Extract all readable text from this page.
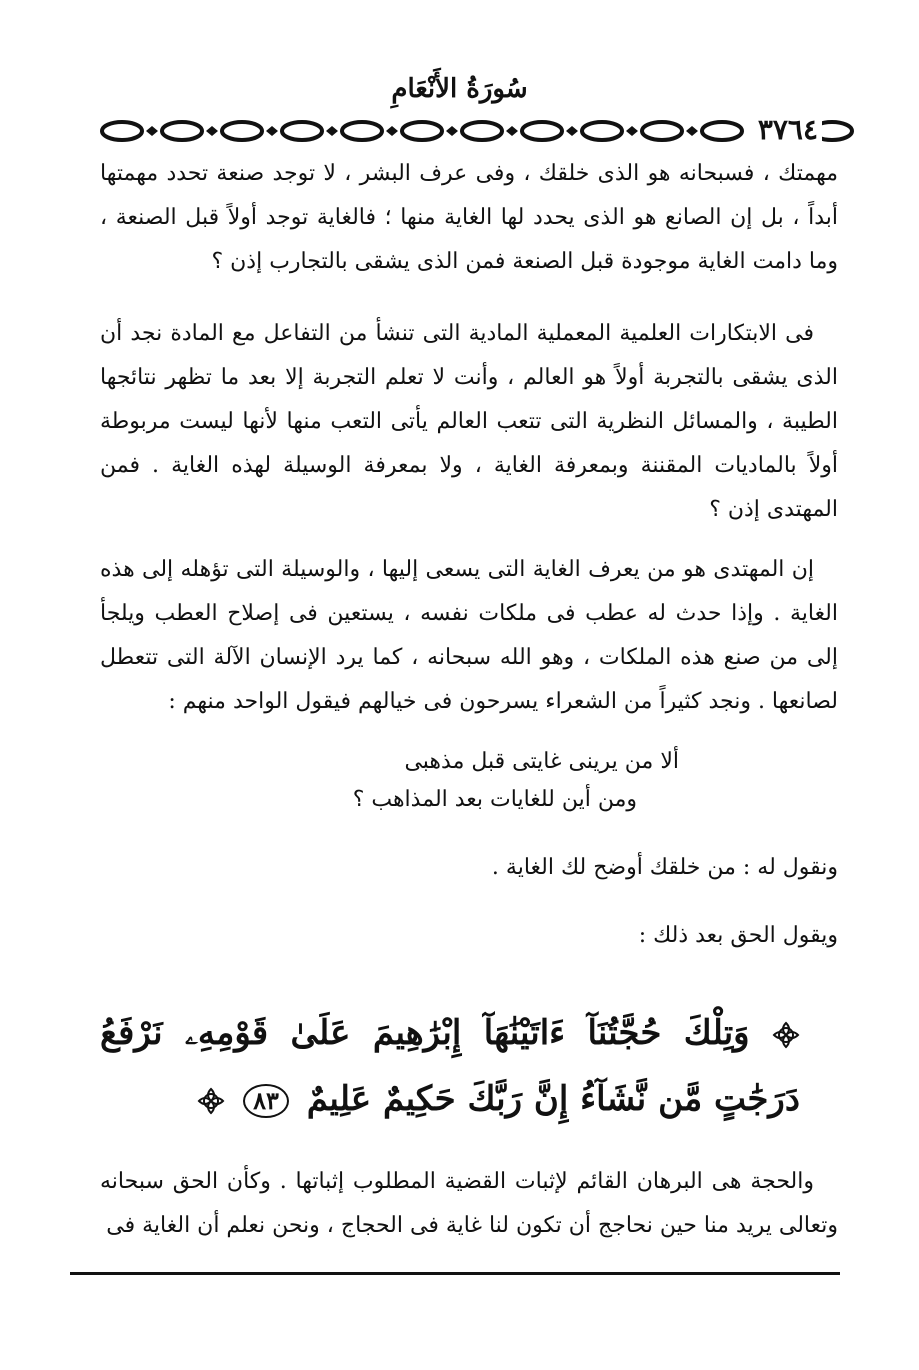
سُورَةُ الأَنْعَامِ
٣٧٦٤

مهمتك ، فسبحانه هو الذى خلقك ، وفى عرف البشر ، لا توجد صنعة تحدد مهمتها أبداً ، بل إن الصانع هو الذى يحدد لها الغاية منها ؛ فالغاية توجد أولاً قبل الصنعة ، وما دامت الغاية موجودة قبل الصنعة فمن الذى يشقى بالتجارب إذن ؟

فى الابتكارات العلمية المعملية المادية التى تنشأ من التفاعل مع المادة نجد أن الذى يشقى بالتجربة أولاً هو العالم ، وأنت لا تعلم التجربة إلا بعد ما تظهر نتائجها الطيبة ، والمسائل النظرية التى تتعب العالم يأتى التعب منها لأنها ليست مربوطة أولاً بالماديات المقننة وبمعرفة الغاية ، ولا بمعرفة الوسيلة لهذه الغاية . فمن المهتدى إذن ؟

إن المهتدى هو من يعرف الغاية التى يسعى إليها ، والوسيلة التى تؤهله إلى هذه الغاية . وإذا حدث له عطب فى ملكات نفسه ، يستعين فى إصلاح العطب ويلجأ إلى من صنع هذه الملكات ، وهو الله سبحانه ، كما يرد الإنسان الآلة التى تتعطل لصانعها . ونجد كثيراً من الشعراء يسرحون فى خيالهم فيقول الواحد منهم :

ألا من يرينى غايتى قبل مذهبى
ومن أين للغايات بعد المذاهب ؟

ونقول له : من خلقك أوضح لك الغاية .

ويقول الحق بعد ذلك :

وَتِلْكَ حُجَّتُنَآ ءَاتَيْنَٰهَآ إِبْرَٰهِيمَ عَلَىٰ قَوْمِهِۦ نَرْفَعُ
دَرَجَٰتٍ مَّن نَّشَآءُ إِنَّ رَبَّكَ حَكِيمٌ عَلِيمٌ ٨٣

والحجة هى البرهان القائم لإثبات القضية المطلوب إثباتها . وكأن الحق سبحانه وتعالى يريد منا حين نحاجج أن تكون لنا غاية فى الحجاج ، ونحن نعلم أن الغاية فى
